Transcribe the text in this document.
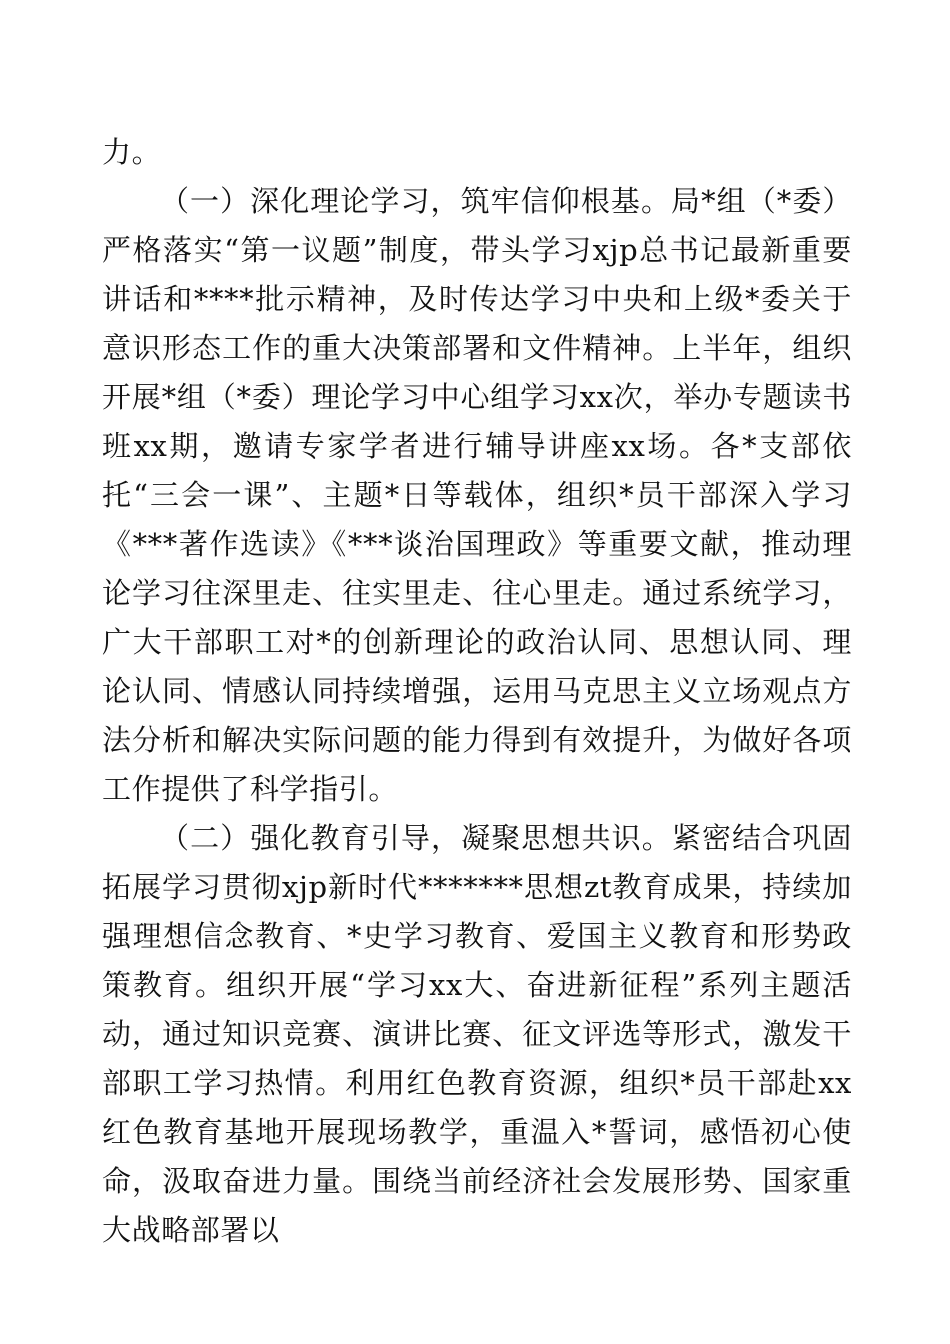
力。

（一）深化理论学习，筑牢信仰根基。局*组（*委）严格落实“第一议题”制度，带头学习xjp总书记最新重要讲话和****批示精神，及时传达学习中央和上级*委关于意识形态工作的重大决策部署和文件精神。上半年，组织开展*组（*委）理论学习中心组学习xx次，举办专题读书班xx期，邀请专家学者进行辅导讲座xx场。各*支部依托“三会一课”、主题*日等载体，组织*员干部深入学习《***著作选读》《***谈治国理政》等重要文献，推动理论学习往深里走、往实里走、往心里走。通过系统学习，广大干部职工对*的创新理论的政治认同、思想认同、理论认同、情感认同持续增强，运用马克思主义立场观点方法分析和解决实际问题的能力得到有效提升，为做好各项工作提供了科学指引。

（二）强化教育引导，凝聚思想共识。紧密结合巩固拓展学习贯彻xjp新时代*******思想zt教育成果，持续加强理想信念教育、*史学习教育、爱国主义教育和形势政策教育。组织开展“学习xx大、奋进新征程”系列主题活动，通过知识竞赛、演讲比赛、征文评选等形式，激发干部职工学习热情。利用红色教育资源，组织*员干部赴xx红色教育基地开展现场教学，重温入*誓词，感悟初心使命，汲取奋进力量。围绕当前经济社会发展形势、国家重大战略部署以
